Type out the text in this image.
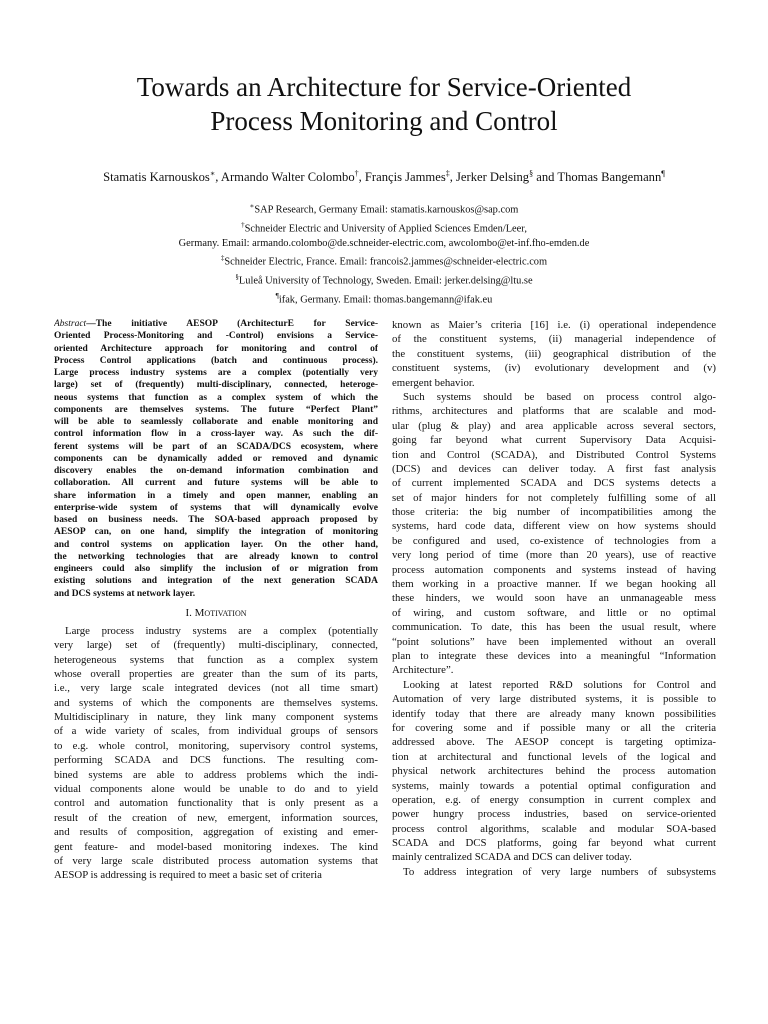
Towards an Architecture for Service-Oriented
Process Monitoring and Control
Stamatis Karnouskos∗, Armando Walter Colombo†, Françis Jammes‡, Jerker Delsing§ and Thomas Bangemann¶
∗SAP Research, Germany Email: stamatis.karnouskos@sap.com
†Schneider Electric and University of Applied Sciences Emden/Leer,
Germany. Email: armando.colombo@de.schneider-electric.com, awcolombo@et-inf.fho-emden.de
‡Schneider Electric, France. Email: francois2.jammes@schneider-electric.com
§Luleå University of Technology, Sweden. Email: jerker.delsing@ltu.se
¶ifak, Germany. Email: thomas.bangemann@ifak.eu
Abstract—The initiative AESOP (ArchitecturE for Service-
Oriented Process-Monitoring and -Control) envisions a Service-
oriented Architecture approach for monitoring and control of
Process Control applications (batch and continuous process).
Large process industry systems are a complex (potentially very
large) set of (frequently) multi-disciplinary, connected, heteroge-
neous systems that function as a complex system of which the
components are themselves systems. The future “Perfect Plant”
will be able to seamlessly collaborate and enable monitoring and
control information flow in a cross-layer way. As such the dif-
ferent systems will be part of an SCADA/DCS ecosystem, where
components can be dynamically added or removed and dynamic
discovery enables the on-demand information combination and
collaboration. All current and future systems will be able to
share information in a timely and open manner, enabling an
enterprise-wide system of systems that will dynamically evolve
based on business needs. The SOA-based approach proposed by
AESOP can, on one hand, simplify the integration of monitoring
and control systems on application layer. On the other hand,
the networking technologies that are already known to control
engineers could also simplify the inclusion of or migration from
existing solutions and integration of the next generation SCADA
and DCS systems at network layer.
I. Motivation
Large process industry systems are a complex (potentially
very large) set of (frequently) multi-disciplinary, connected,
heterogeneous systems that function as a complex system
whose overall properties are greater than the sum of its parts,
i.e., very large scale integrated devices (not all time smart)
and systems of which the components are themselves systems.
Multidisciplinary in nature, they link many component systems
of a wide variety of scales, from individual groups of sensors
to e.g. whole control, monitoring, supervisory control systems,
performing SCADA and DCS functions. The resulting com-
bined systems are able to address problems which the indi-
vidual components alone would be unable to do and to yield
control and automation functionality that is only present as a
result of the creation of new, emergent, information sources,
and results of composition, aggregation of existing and emer-
gent feature- and model-based monitoring indexes. The kind
of very large scale distributed process automation systems that
AESOP is addressing is required to meet a basic set of criteria
known as Maier’s criteria [16] i.e. (i) operational independence
of the constituent systems, (ii) managerial independence of
the constituent systems, (iii) geographical distribution of the
constituent systems, (iv) evolutionary development and (v)
emergent behavior.
Such systems should be based on process control algo-
rithms, architectures and platforms that are scalable and mod-
ular (plug & play) and area applicable across several sectors,
going far beyond what current Supervisory Data Acquisi-
tion and Control (SCADA), and Distributed Control Systems
(DCS) and devices can deliver today. A first fast analysis
of current implemented SCADA and DCS systems detects a
set of major hinders for not completely fulfilling some of all
those criteria: the big number of incompatibilities among the
systems, hard code data, different view on how systems should
be configured and used, co-existence of technologies from a
very long period of time (more than 20 years), use of reactive
process automation components and systems instead of having
them working in a proactive manner. If we began hooking all
these hinders, we would soon have an unmanageable mess
of wiring, and custom software, and little or no optimal
communication. To date, this has been the usual result, where
“point solutions” have been implemented without an overall
plan to integrate these devices into a meaningful “Information
Architecture”.
Looking at latest reported R&D solutions for Control and
Automation of very large distributed systems, it is possible to
identify today that there are already many known possibilities
for covering some and if possible many or all the criteria
addressed above. The AESOP concept is targeting optimiza-
tion at architectural and functional levels of the logical and
physical network architectures behind the process automation
systems, mainly towards a potential optimal configuration and
operation, e.g. of energy consumption in current complex and
power hungry process industries, based on service-oriented
process control algorithms, scalable and modular SOA-based
SCADA and DCS platforms, going far beyond what current
mainly centralized SCADA and DCS can deliver today.
To address integration of very large numbers of subsystems
